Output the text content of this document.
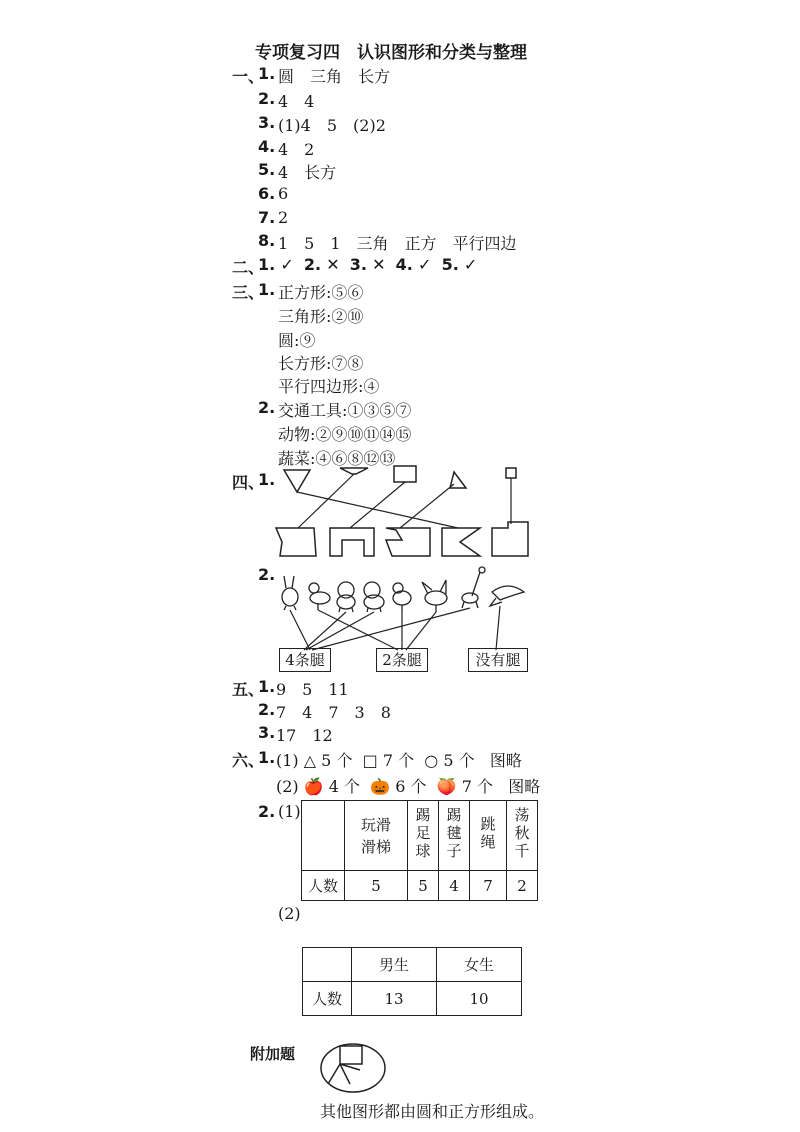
专项复习四　认识图形和分类与整理
一、
1. 圆　三角　长方
2. 4　4
3. (1)4　5　(2)2
4. 4　2
5. 4　长方
6. 6
7. 2
8. 1　5　1　三角　正方　平行四边
二、
1. ✓ 2. ✕ 3. ✕ 4. ✓ 5. ✓
三、
1. 正方形:⑤⑥
三角形:②⑩
圆:⑨
长方形:⑦⑧
平行四边形:④
2. 交通工具:①③⑤⑦
动物:②⑨⑩⑪⑭⑮
蔬菜:④⑥⑧⑫⑬
四、
1.
2.
4条腿	2条腿	没有腿
五、
1. 9　5　11
2. 7　4　7　3　8
3. 17　12
六、
1. (1) △ 5 个 □ 7 个 ○ 5 个 图略
(2) 🍎 4 个 🎃 6 个 🍑 7 个 图略
2. (1)
	玩滑滑梯	踢足球	踢毽子	跳绳	荡秋千
人数	5	5	4	7	2
(2)
	男生	女生
人数	13	10
附加题
其他图形都由圆和正方形组成。
